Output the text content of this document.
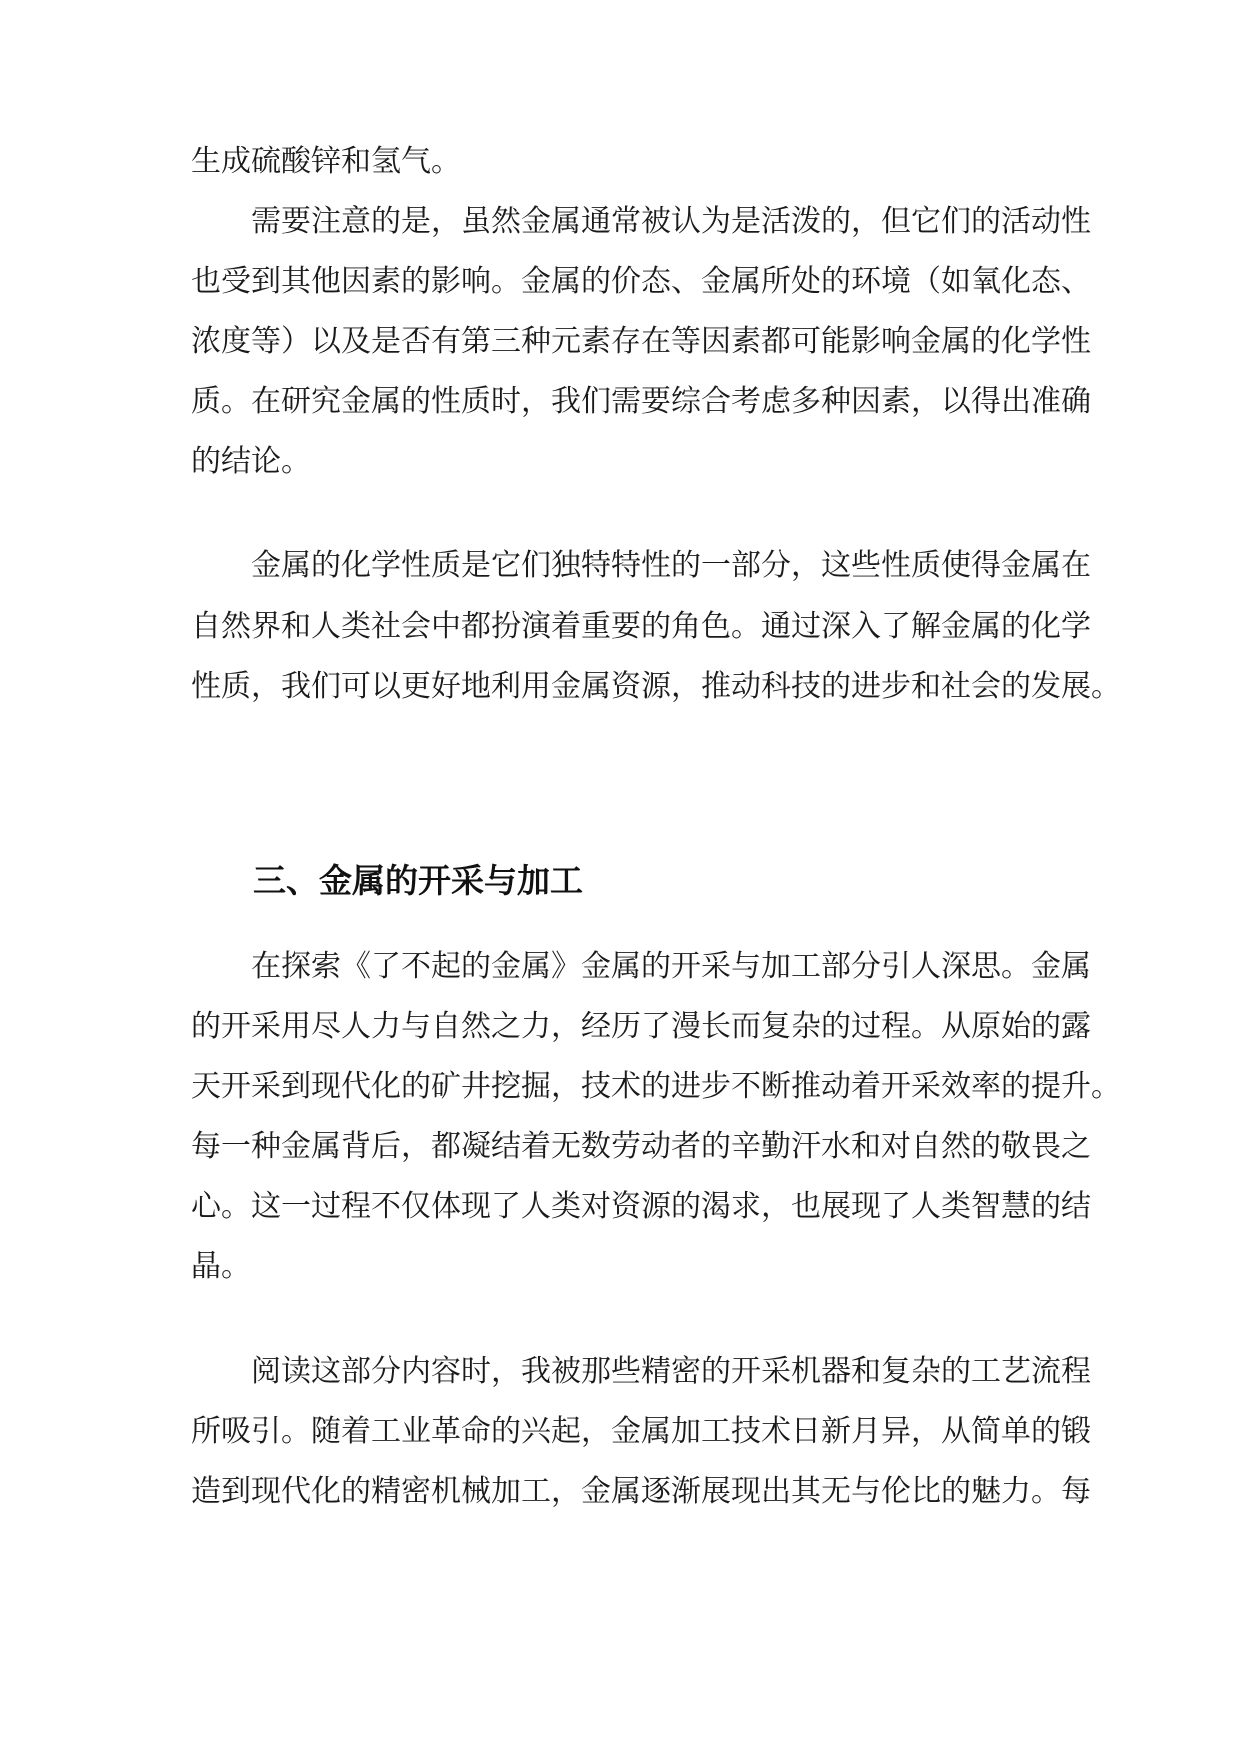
生成硫酸锌和氢气。
　　需要注意的是，虽然金属通常被认为是活泼的，但它们的活动性
也受到其他因素的影响。金属的价态、金属所处的环境（如氧化态、
浓度等）以及是否有第三种元素存在等因素都可能影响金属的化学性
质。在研究金属的性质时，我们需要综合考虑多种因素，以得出准确
的结论。
　　金属的化学性质是它们独特特性的一部分，这些性质使得金属在
自然界和人类社会中都扮演着重要的角色。通过深入了解金属的化学
性质，我们可以更好地利用金属资源，推动科技的进步和社会的发展。
三、金属的开采与加工
　　在探索《了不起的金属》金属的开采与加工部分引人深思。金属
的开采用尽人力与自然之力，经历了漫长而复杂的过程。从原始的露
天开采到现代化的矿井挖掘，技术的进步不断推动着开采效率的提升。
每一种金属背后，都凝结着无数劳动者的辛勤汗水和对自然的敬畏之
心。这一过程不仅体现了人类对资源的渴求，也展现了人类智慧的结
晶。
　　阅读这部分内容时，我被那些精密的开采机器和复杂的工艺流程
所吸引。随着工业革命的兴起，金属加工技术日新月异，从简单的锻
造到现代化的精密机械加工，金属逐渐展现出其无与伦比的魅力。每
